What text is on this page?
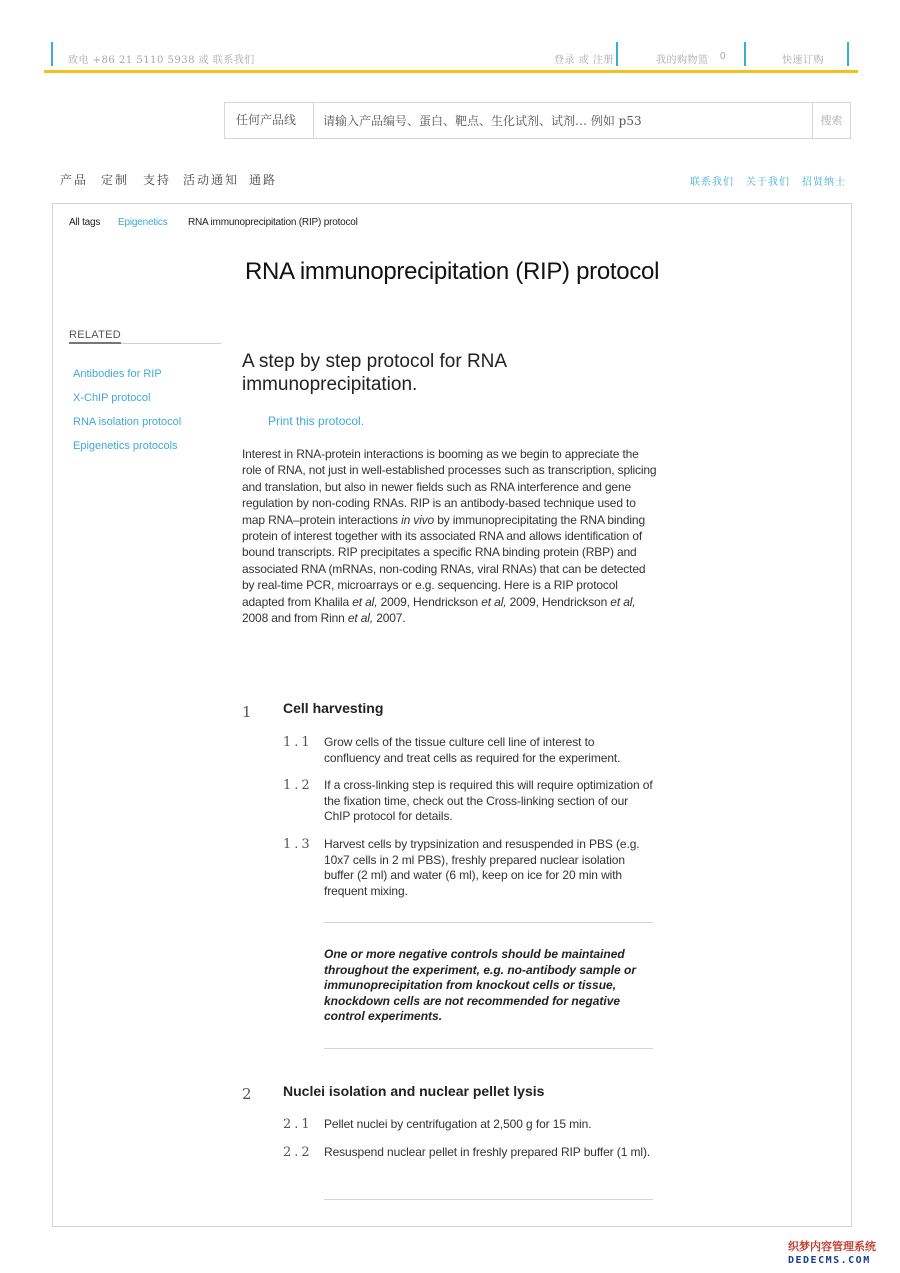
致电 +86 21 5110 5938 或 联系我们	登录 或 注册	我的购物篮 0	快速订购
任何产品线
请输入产品编号、蛋白、靶点、生化试剂、试剂… 例如 p53	搜索
产品 定制 支持 活动通知 通路	联系我们 关于我们 招贤纳士
All tags Epigenetics RNA immunoprecipitation (RIP) protocol
RNA immunoprecipitation (RIP) protocol
RELATED
Antibodies for RIP
X-ChIP protocol
RNA isolation protocol
Epigenetics protocols
A step by step protocol for RNA immunoprecipitation.
Print this protocol.

Interest in RNA-protein interactions is booming as we begin to appreciate the role of RNA, not just in well-established processes such as transcription, splicing and translation, but also in newer fields such as RNA interference and gene regulation by non-coding RNAs. RIP is an antibody-based technique used to map RNA–protein interactions in vivo by immunoprecipitating the RNA binding protein of interest together with its associated RNA and allows identification of bound transcripts. RIP precipitates a specific RNA binding protein (RBP) and associated RNA (mRNAs, non-coding RNAs, viral RNAs) that can be detected by real-time PCR, microarrays or e.g. sequencing. Here is a RIP protocol adapted from Khalila et al, 2009, Hendrickson et al, 2009, Hendrickson et al, 2008 and from Rinn et al, 2007.

1 Cell harvesting
1.1 Grow cells of the tissue culture cell line of interest to confluency and treat cells as required for the experiment.

1.2 If a cross-linking step is required this will require optimization of the fixation time, check out the Cross-linking section of our ChIP protocol for details.

1.3 Harvest cells by trypsinization and resuspended in PBS (e.g. 10x7 cells in 2 ml PBS), freshly prepared nuclear isolation buffer (2 ml) and water (6 ml), keep on ice for 20 min with frequent mixing.

One or more negative controls should be maintained throughout the experiment, e.g. no-antibody sample or immunoprecipitation from knockout cells or tissue, knockdown cells are not recommended for negative control experiments.

2 Nuclei isolation and nuclear pellet lysis
2.1 Pellet nuclei by centrifugation at 2,500 g for 15 min.

2.2 Resuspend nuclear pellet in freshly prepared RIP buffer (1 ml).

织梦内容管理系统
DEDECMS.COM
